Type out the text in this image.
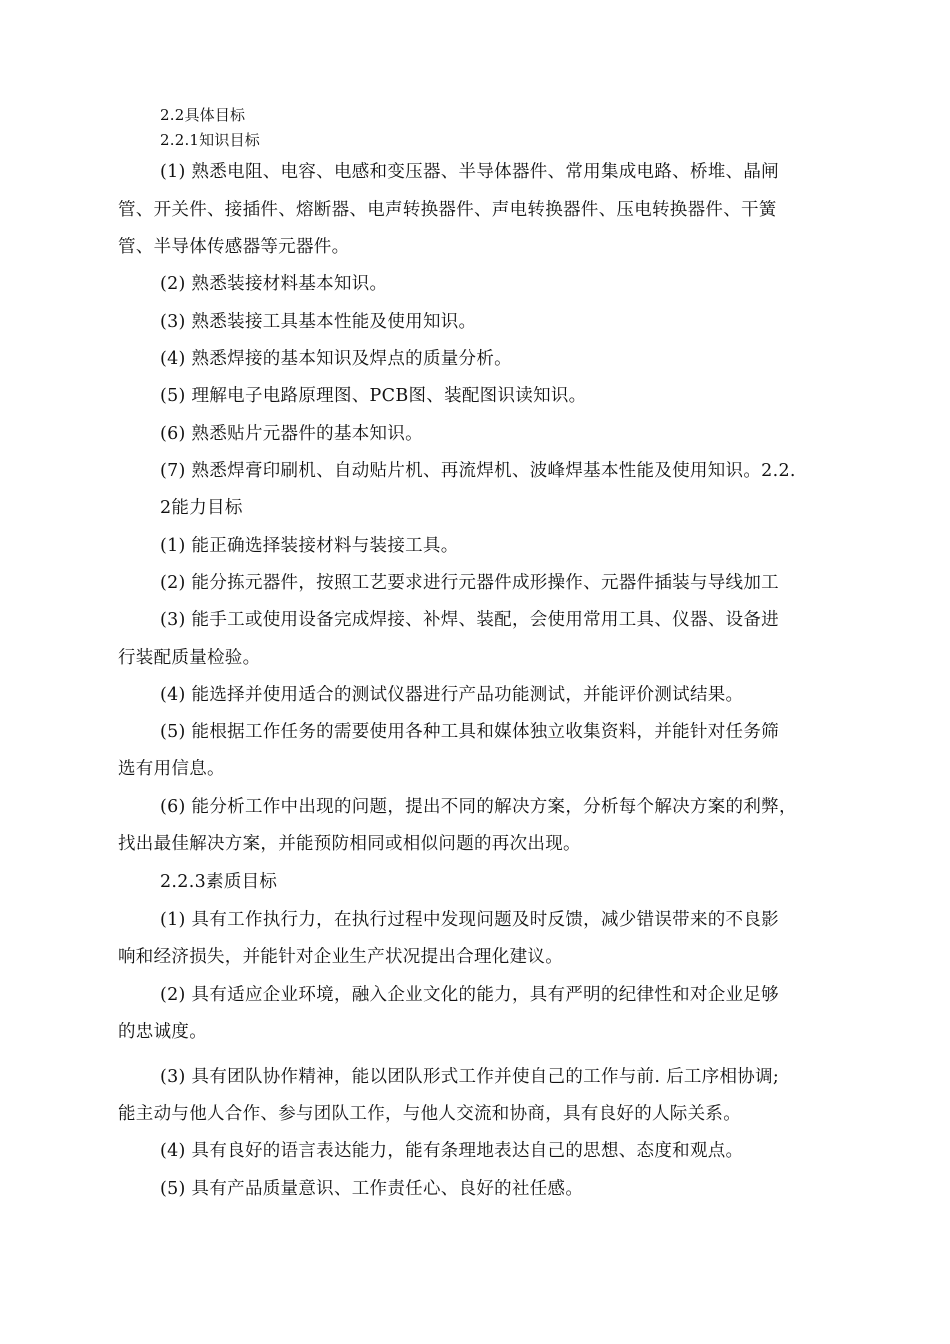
2.2具体目标
2.2.1知识目标
(1) 熟悉电阻、电容、电感和变压器、半导体器件、常用集成电路、桥堆、晶闸
管、开关件、接插件、熔断器、电声转换器件、声电转换器件、压电转换器件、干簧
管、半导体传感器等元器件。
(2) 熟悉装接材料基本知识。
(3) 熟悉装接工具基本性能及使用知识。
(4) 熟悉焊接的基本知识及焊点的质量分析。
(5) 理解电子电路原理图、PCB图、装配图识读知识。
(6) 熟悉贴片元器件的基本知识。
(7) 熟悉焊膏印刷机、自动贴片机、再流焊机、波峰焊基本性能及使用知识。2.2.
2能力目标
(1) 能正确选择装接材料与装接工具。
(2) 能分拣元器件，按照工艺要求进行元器件成形操作、元器件插装与导线加工
(3) 能手工或使用设备完成焊接、补焊、装配，会使用常用工具、仪器、设备进
行装配质量检验。
(4) 能选择并使用适合的测试仪器进行产品功能测试，并能评价测试结果。
(5) 能根据工作任务的需要使用各种工具和媒体独立收集资料，并能针对任务筛
选有用信息。
(6) 能分析工作中出现的问题，提出不同的解决方案，分析每个解决方案的利弊，
找出最佳解决方案，并能预防相同或相似问题的再次出现。
2.2.3素质目标
(1) 具有工作执行力，在执行过程中发现问题及时反馈，减少错误带来的不良影
响和经济损失，并能针对企业生产状况提出合理化建议。
(2) 具有适应企业环境，融入企业文化的能力，具有严明的纪律性和对企业足够
的忠诚度。
(3) 具有团队协作精神，能以团队形式工作并使自己的工作与前. 后工序相协调;
能主动与他人合作、参与团队工作，与他人交流和协商，具有良好的人际关系。
(4) 具有良好的语言表达能力，能有条理地表达自己的思想、态度和观点。
(5) 具有产品质量意识、工作责任心、良好的社任感。
